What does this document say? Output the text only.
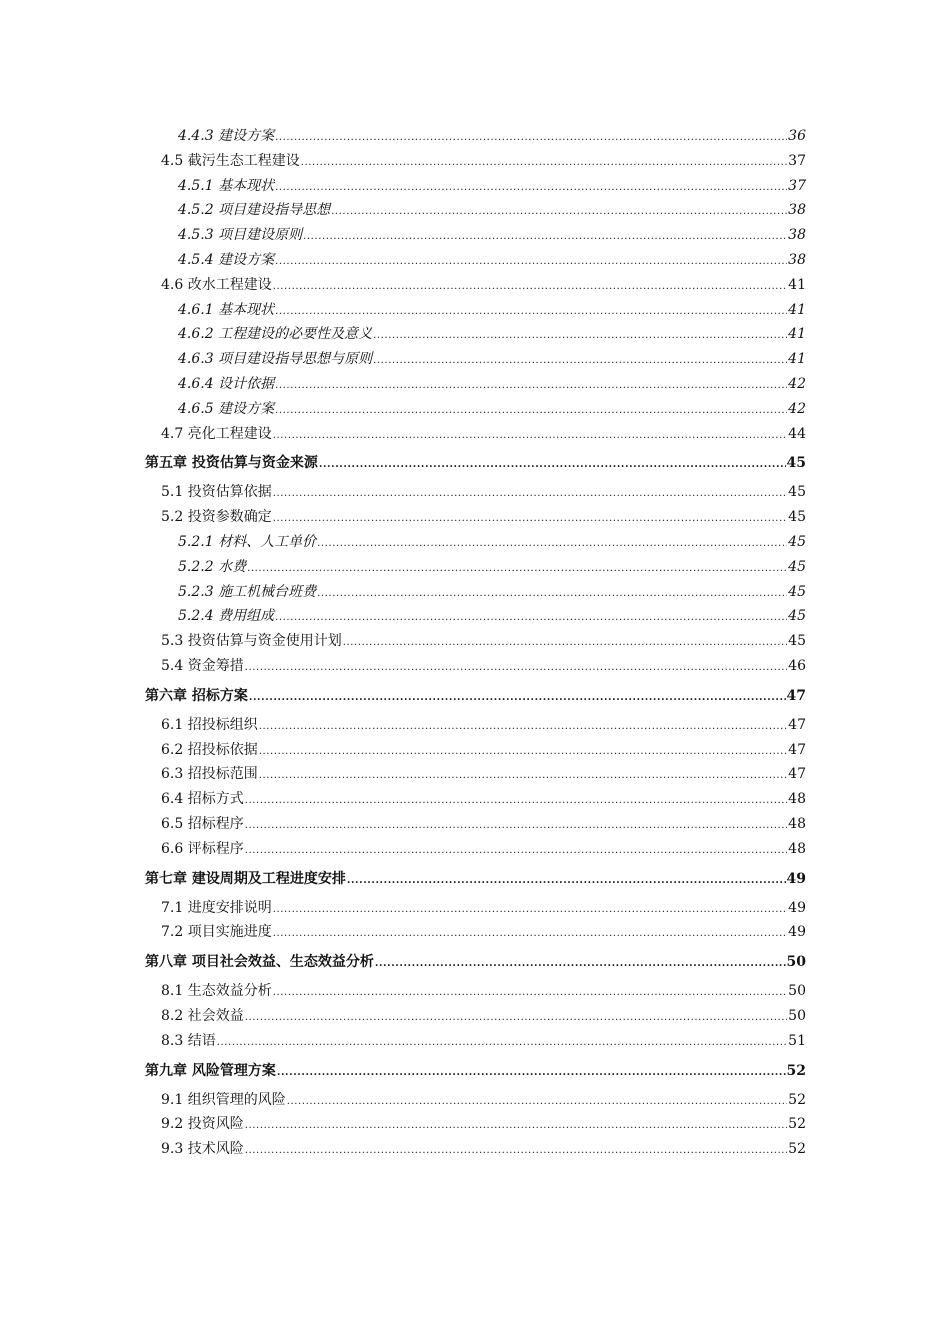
4.4.3 建设方案 .....	36
4.5 截污生态工程建设 .....	37
4.5.1 基本现状 .....	37
4.5.2 项目建设指导思想 .....	38
4.5.3 项目建设原则 .....	38
4.5.4 建设方案 .....	38
4.6 改水工程建设 .....	41
4.6.1 基本现状 .....	41
4.6.2 工程建设的必要性及意义 .....	41
4.6.3 项目建设指导思想与原则 .....	41
4.6.4 设计依据 .....	42
4.6.5 建设方案 .....	42
4.7 亮化工程建设 .....	44
第五章 投资估算与资金来源 .....	45
5.1 投资估算依据 .....	45
5.2 投资参数确定 .....	45
5.2.1 材料、人工单价 .....	45
5.2.2 水费 .....	45
5.2.3 施工机械台班费 .....	45
5.2.4 费用组成 .....	45
5.3 投资估算与资金使用计划 .....	45
5.4 资金筹措 .....	46
第六章 招标方案 .....	47
6.1 招投标组织 .....	47
6.2 招投标依据 .....	47
6.3 招投标范围 .....	47
6.4 招标方式 .....	48
6.5 招标程序 .....	48
6.6 评标程序 .....	48
第七章 建设周期及工程进度安排 .....	49
7.1 进度安排说明 .....	49
7.2 项目实施进度 .....	49
第八章 项目社会效益、生态效益分析 .....	50
8.1 生态效益分析 .....	50
8.2 社会效益 .....	50
8.3 结语 .....	51
第九章 风险管理方案 .....	52
9.1 组织管理的风险 .....	52
9.2 投资风险 .....	52
9.3 技术风险 .....	52
